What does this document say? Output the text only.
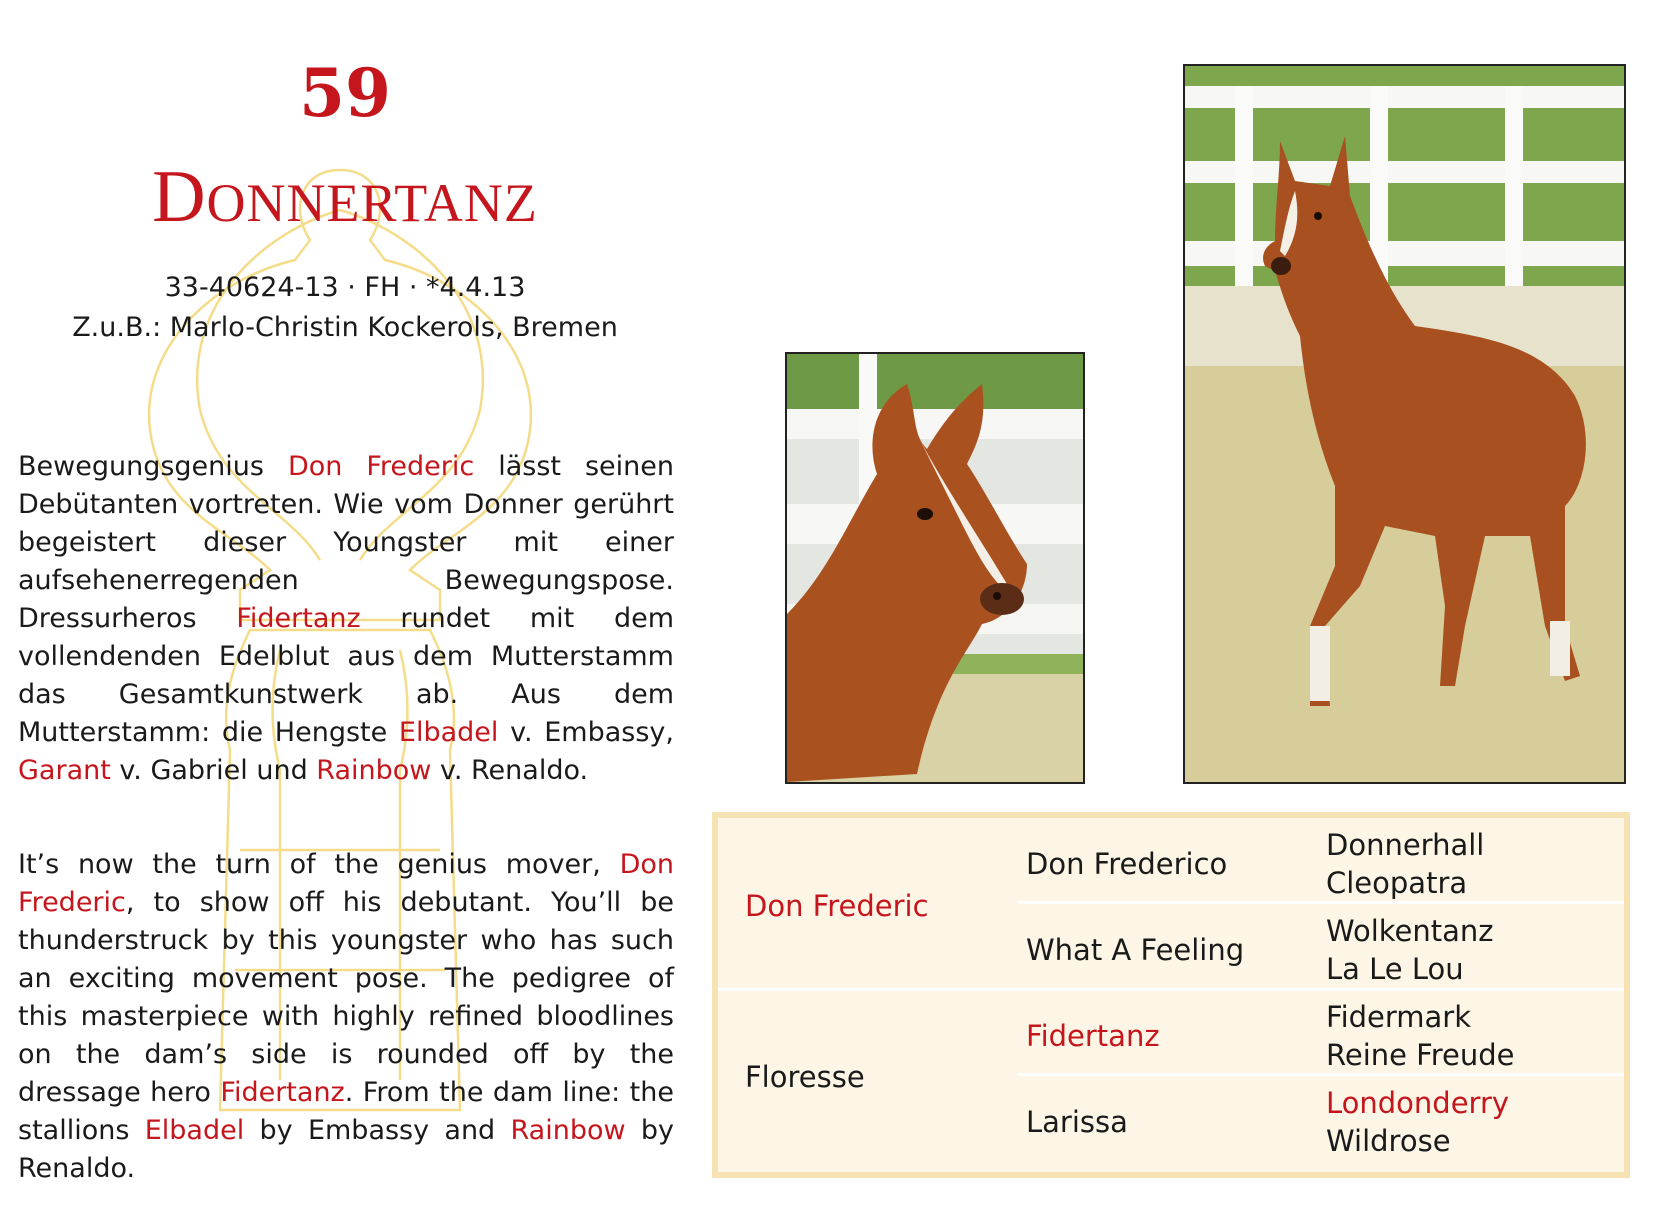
59
DONNERTANZ
33-40624-13 · FH · *4.4.13
Z.u.B.: Marlo-Christin Kockerols, Bremen
Bewegungsgenius Don Frederic lässt seinen Debütanten vortreten. Wie vom Donner gerührt begeistert dieser Youngster mit einer aufsehenerregenden Bewegungspose. Dressurheros Fidertanz rundet mit dem vollendenden Edelblut aus dem Mutterstamm das Gesamtkunstwerk ab. Aus dem Mutterstamm: die Hengste Elbadel v. Embassy, Garant v. Gabriel und Rainbow v. Renaldo.
It’s now the turn of the genius mover, Don Frederic, to show off his debutant. You’ll be thunderstruck by this youngster who has such an exciting movement pose. The pedigree of this masterpiece with highly refined bloodlines on the dam’s side is rounded off by the dressage hero Fidertanz. From the dam line: the stallions Elbadel by Embassy and Rainbow by Renaldo.
Don Frederic
Floresse
Don Frederico
What A Feeling
Fidertanz
Larissa
Donnerhall
Cleopatra
Wolkentanz
La Le Lou
Fidermark
Reine Freude
Londonderry
Wildrose
